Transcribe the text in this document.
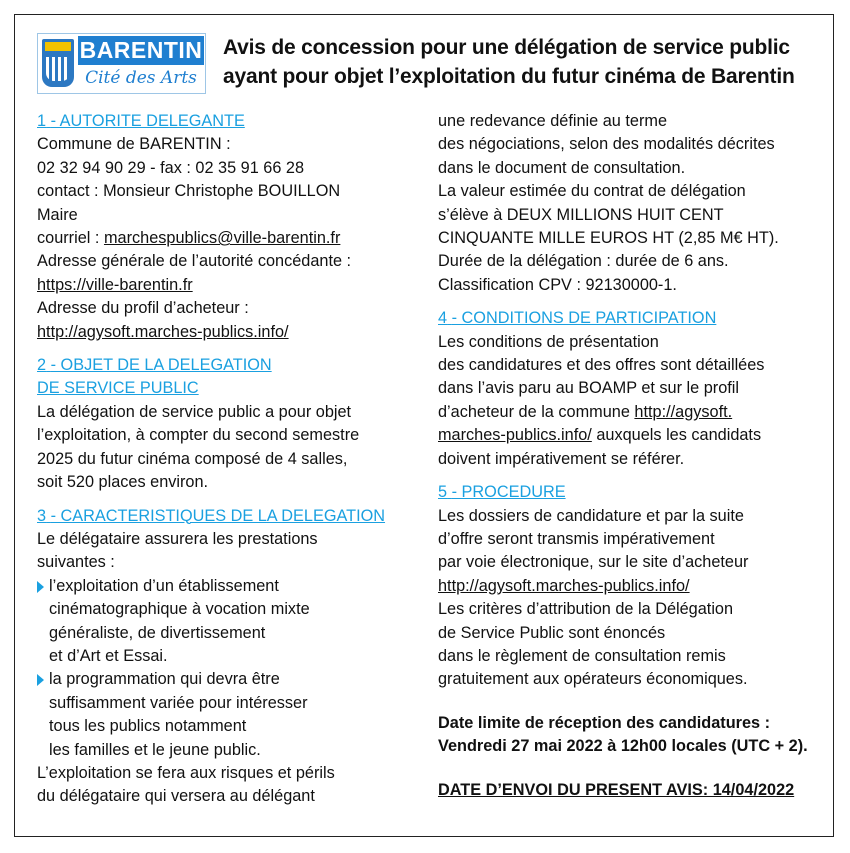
BARENTIN
Cité des Arts
Avis de concession pour une délégation de service public
ayant pour objet l’exploitation du futur cinéma de Barentin
1 - AUTORITE DELEGANTE
Commune de BARENTIN :
02 32 94 90 29 - fax : 02 35 91 66 28
contact : Monsieur Christophe BOUILLON
Maire
courriel : marchespublics@ville-barentin.fr
Adresse générale de l’autorité concédante :
https://ville-barentin.fr
Adresse du profil d’acheteur :
http://agysoft.marches-publics.info/
2 - OBJET DE LA DELEGATION
DE SERVICE PUBLIC
La délégation de service public a pour objet
l’exploitation, à compter du second semestre
2025 du futur cinéma composé de 4 salles,
soit 520 places environ.
3 - CARACTERISTIQUES DE LA DELEGATION
Le délégataire assurera les prestations
suivantes :
l’exploitation d’un établissement
cinématographique à vocation mixte
généraliste, de divertissement
et d’Art et Essai.
la programmation qui devra être
suffisamment variée pour intéresser
tous les publics notamment
les familles et le jeune public.
L’exploitation se fera aux risques et périls
du délégataire qui versera au délégant
une redevance définie au terme
des négociations, selon des modalités décrites
dans le document de consultation.
La valeur estimée du contrat de délégation
s’élève à DEUX MILLIONS HUIT CENT
CINQUANTE MILLE EUROS HT (2,85 M€ HT).
Durée de la délégation : durée de 6 ans.
Classification CPV : 92130000-1.
4 - CONDITIONS DE PARTICIPATION
Les conditions de présentation
des candidatures et des offres sont détaillées
dans l’avis paru au BOAMP et sur le profil
d’acheteur de la commune http://agysoft.
marches-publics.info/ auxquels les candidats
doivent impérativement se référer.
5 - PROCEDURE
Les dossiers de candidature et par la suite
d’offre seront transmis impérativement
par voie électronique, sur le site d’acheteur
http://agysoft.marches-publics.info/
Les critères d’attribution de la Délégation
de Service Public sont énoncés
dans le règlement de consultation remis
gratuitement aux opérateurs économiques.
Date limite de réception des candidatures :
Vendredi 27 mai 2022 à 12h00 locales (UTC + 2).
DATE D’ENVOI DU PRESENT AVIS: 14/04/2022
